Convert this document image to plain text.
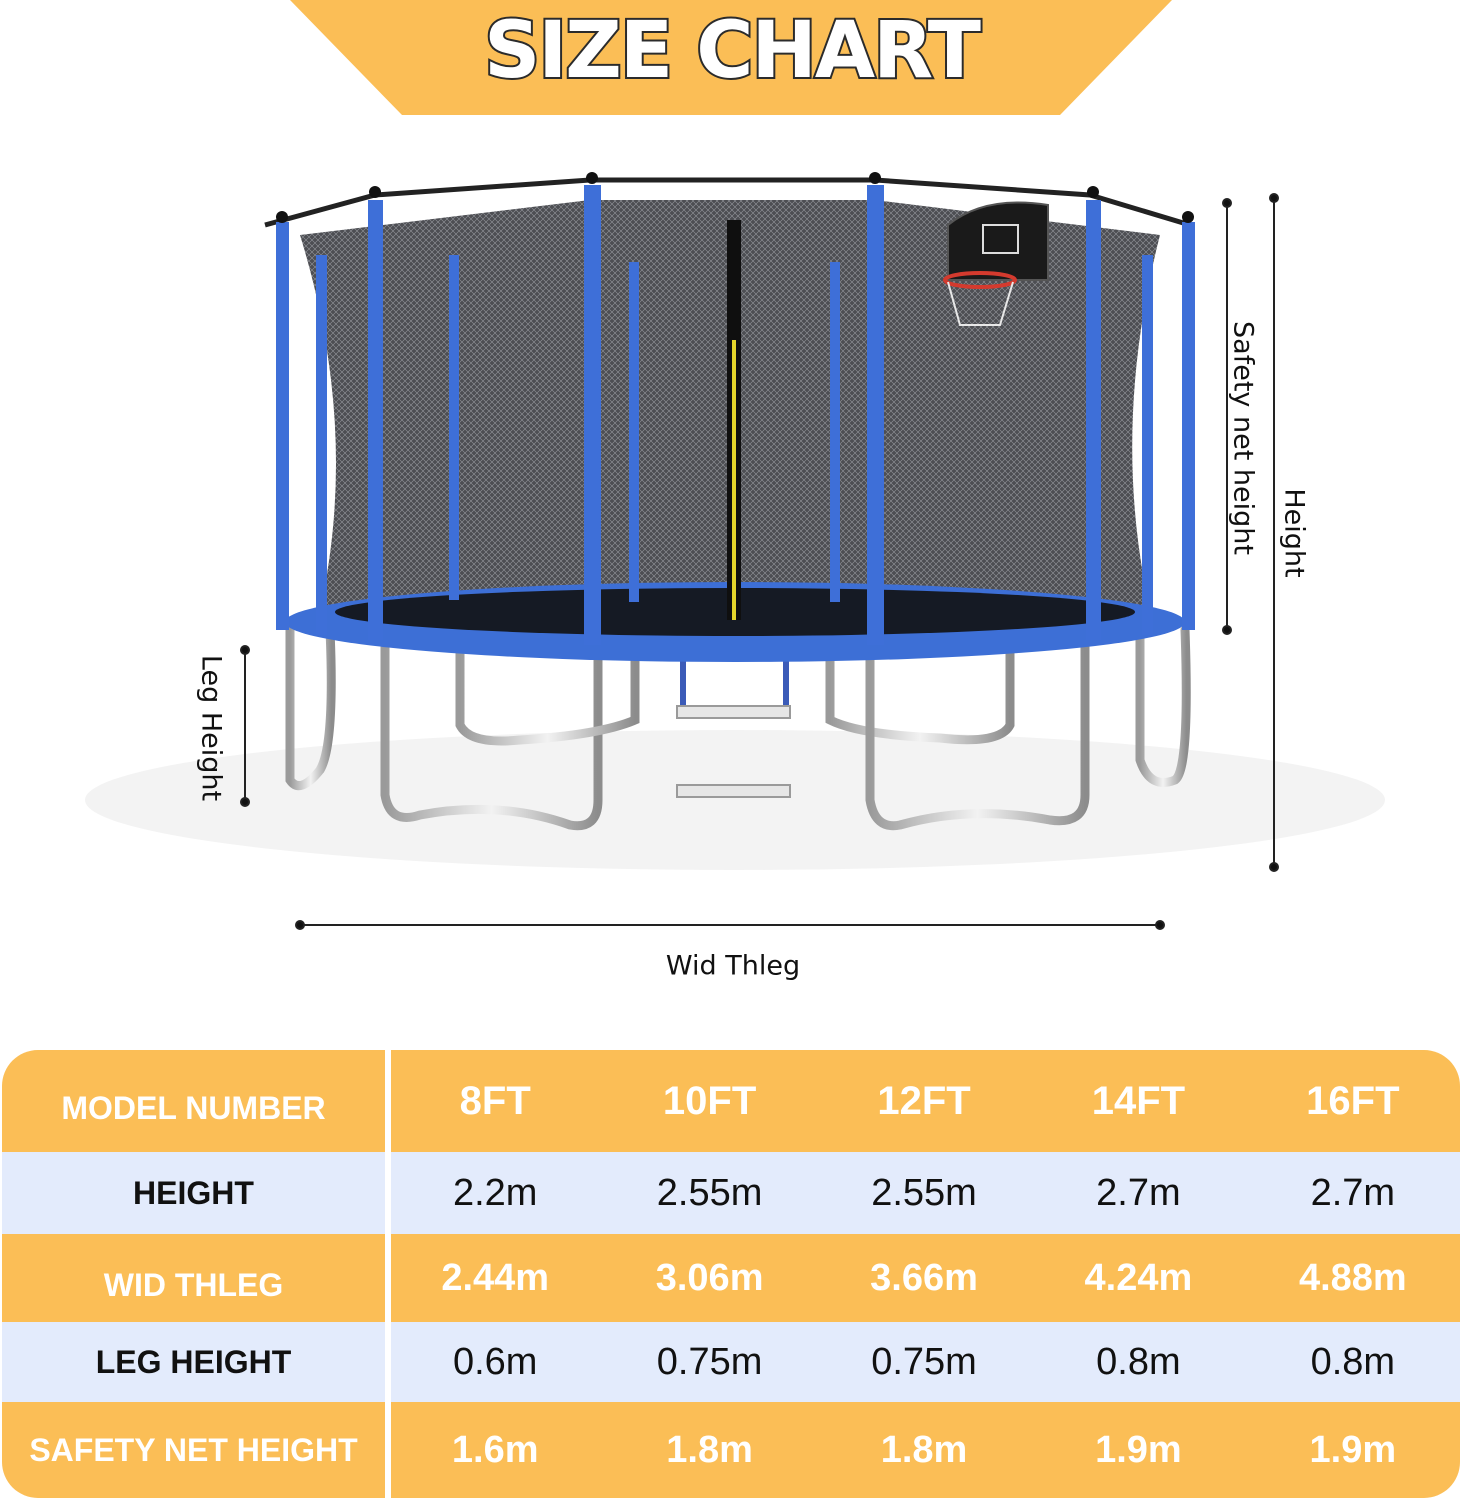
SIZE CHART
Safety net height Height
Leg Height
Wid Thleg
MODEL NUMBER	8FT	10FT	12FT	14FT	16FT
HEIGHT	2.2m	2.55m	2.55m	2.7m	2.7m
WID THLEG	2.44m	3.06m	3.66m	4.24m	4.88m
LEG HEIGHT	0.6m	0.75m	0.75m	0.8m	0.8m
SAFETY NET HEIGHT	1.6m	1.8m	1.8m	1.9m	1.9m
